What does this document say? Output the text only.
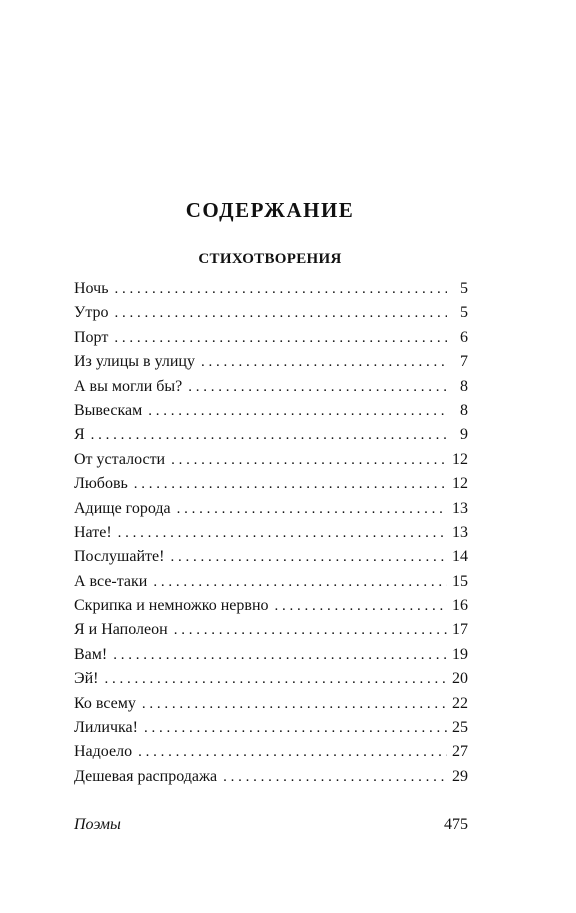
СОДЕРЖАНИЕ
СТИХОТВОРЕНИЯ
Ночь . . .	5
Утро . . .	5
Порт . . .	6
Из улицы в улицу . . .	7
А вы могли бы? . . .	8
Вывескам . . .	8
Я . . .	9
От усталости . . .	12
Любовь . . .	12
Адище города . . .	13
Нате! . . .	13
Послушайте! . . .	14
А все-таки . . .	15
Скрипка и немножко нервно . . .	16
Я и Наполеон . . .	17
Вам! . . .	19
Эй! . . .	20
Ко всему . . .	22
Лиличка! . . .	25
Надоело . . .	27
Дешевая распродажа . . .	29
Поэмы	475
